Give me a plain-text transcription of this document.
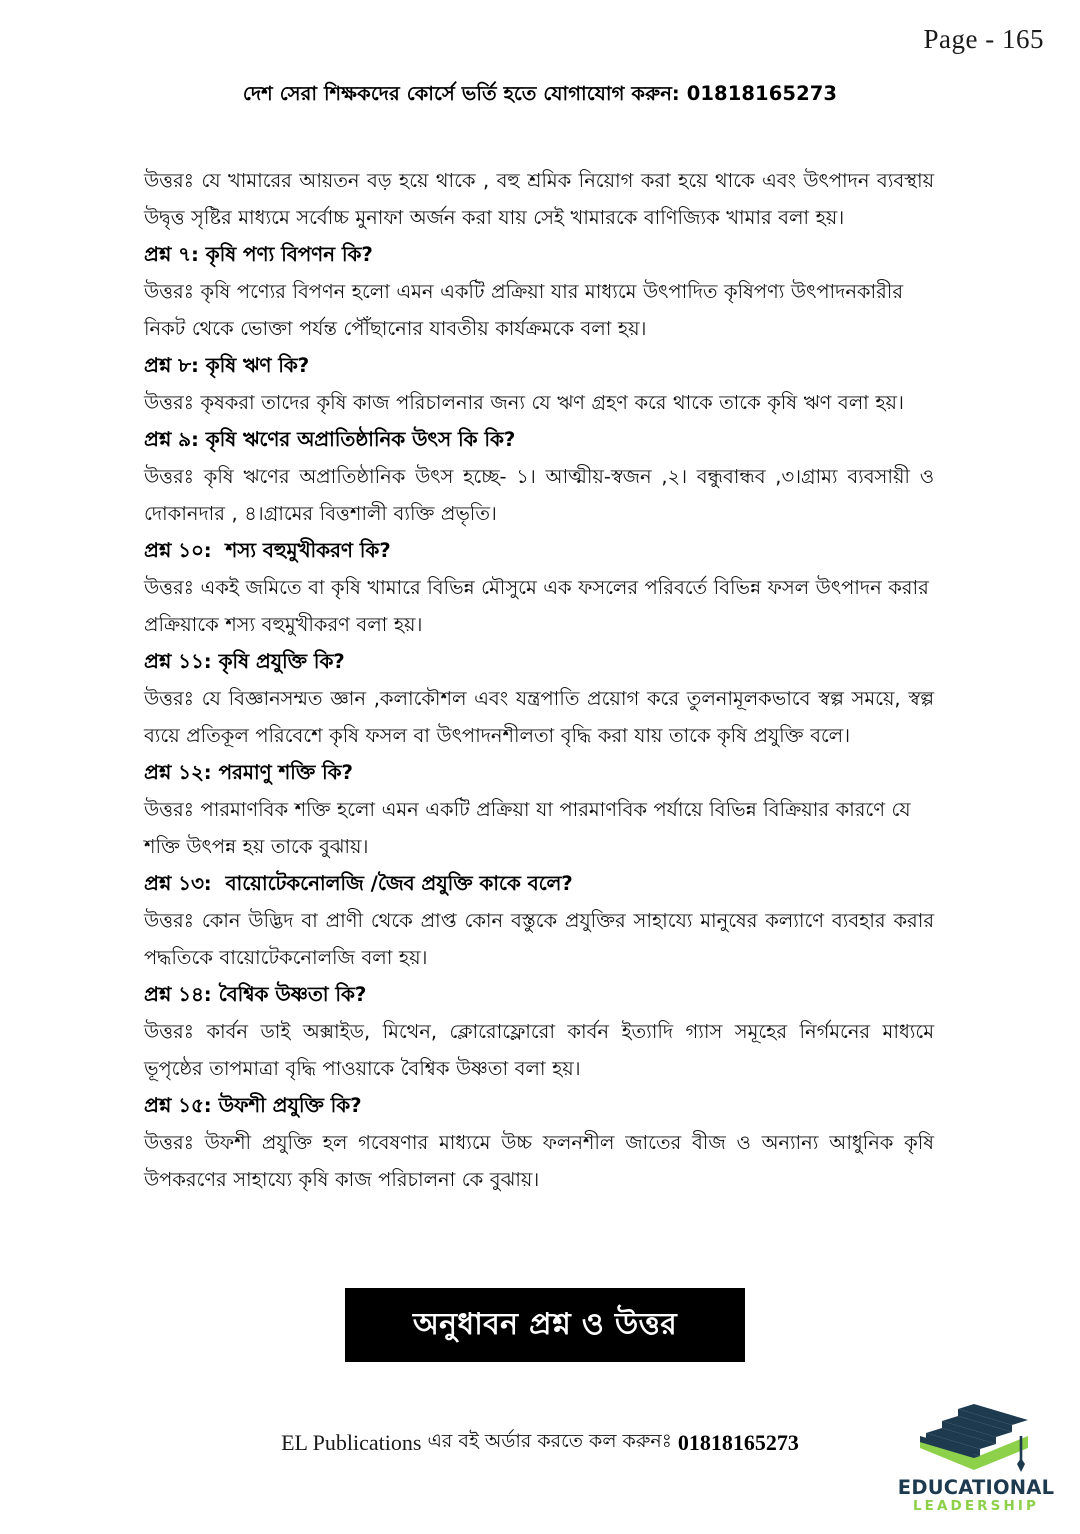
Page - 165
দেশ সেরা শিক্ষকদের কোর্সে ভর্তি হতে যোগাযোগ করুন: 01818165273

উত্তরঃ যে খামারের আয়তন বড় হয়ে থাকে , বহু শ্রমিক নিয়োগ করা হয়ে থাকে এবং উৎপাদন ব্যবস্থায় উদ্বৃত্ত সৃষ্টির মাধ্যমে সর্বোচ্চ মুনাফা অর্জন করা যায় সেই খামারকে বাণিজ্যিক খামার বলা হয়।

প্রশ্ন ৭: কৃষি পণ্য বিপণন কি?

উত্তরঃ কৃষি পণ্যের বিপণন হলো এমন একটি প্রক্রিয়া যার মাধ্যমে উৎপাদিত কৃষিপণ্য উৎপাদনকারীর নিকট থেকে ভোক্তা পর্যন্ত পৌঁছানোর যাবতীয় কার্যক্রমকে বলা হয়।

প্রশ্ন ৮: কৃষি ঋণ কি?

উত্তরঃ কৃষকরা তাদের কৃষি কাজ পরিচালনার জন্য যে ঋণ গ্রহণ করে থাকে তাকে কৃষি ঋণ বলা হয়।

প্রশ্ন ৯: কৃষি ঋণের অপ্রাতিষ্ঠানিক উৎস কি কি?

উত্তরঃ কৃষি ঋণের অপ্রাতিষ্ঠানিক উৎস হচ্ছে- ১। আত্মীয়-স্বজন ,২। বন্ধুবান্ধব ,৩।গ্রাম্য ব্যবসায়ী ও দোকানদার , ৪।গ্রামের বিত্তশালী ব্যক্তি প্রভৃতি।

প্রশ্ন ১০:  শস্য বহুমুখীকরণ কি?

উত্তরঃ একই জমিতে বা কৃষি খামারে বিভিন্ন মৌসুমে এক ফসলের পরিবর্তে বিভিন্ন ফসল উৎপাদন করার প্রক্রিয়াকে শস্য বহুমুখীকরণ বলা হয়।

প্রশ্ন ১১: কৃষি প্রযুক্তি কি?

উত্তরঃ যে বিজ্ঞানসম্মত জ্ঞান ,কলাকৌশল এবং যন্ত্রপাতি প্রয়োগ করে তুলনামূলকভাবে স্বল্প সময়ে, স্বল্প ব্যয়ে প্রতিকূল পরিবেশে কৃষি ফসল বা উৎপাদনশীলতা বৃদ্ধি করা যায় তাকে কৃষি প্রযুক্তি বলে।

প্রশ্ন ১২: পরমাণু শক্তি কি?

উত্তরঃ পারমাণবিক শক্তি হলো এমন একটি প্রক্রিয়া যা পারমাণবিক পর্যায়ে বিভিন্ন বিক্রিয়ার কারণে যে শক্তি উৎপন্ন হয় তাকে বুঝায়।

প্রশ্ন ১৩:  বায়োটেকনোলজি /জৈব প্রযুক্তি কাকে বলে?

উত্তরঃ কোন উদ্ভিদ বা প্রাণী থেকে প্রাপ্ত কোন বস্তুকে প্রযুক্তির সাহায্যে মানুষের কল্যাণে ব্যবহার করার পদ্ধতিকে বায়োটেকনোলজি বলা হয়।

প্রশ্ন ১৪: বৈশ্বিক উষ্ণতা কি?

উত্তরঃ কার্বন ডাই অক্সাইড, মিথেন, ক্লোরোফ্লোরো কার্বন ইত্যাদি গ্যাস সমূহের নির্গমনের মাধ্যমে ভূপৃষ্ঠের তাপমাত্রা বৃদ্ধি পাওয়াকে বৈশ্বিক উষ্ণতা বলা হয়।

প্রশ্ন ১৫: উফশী প্রযুক্তি কি?

উত্তরঃ উফশী প্রযুক্তি হল গবেষণার মাধ্যমে উচ্চ ফলনশীল জাতের বীজ ও অন্যান্য আধুনিক কৃষি উপকরণের সাহায্যে কৃষি কাজ পরিচালনা কে বুঝায়।

অনুধাবন প্রশ্ন ও উত্তর
EL Publications এর বই অর্ডার করতে কল করুনঃ 01818165273
EDUCATIONAL
LEADERSHIP
